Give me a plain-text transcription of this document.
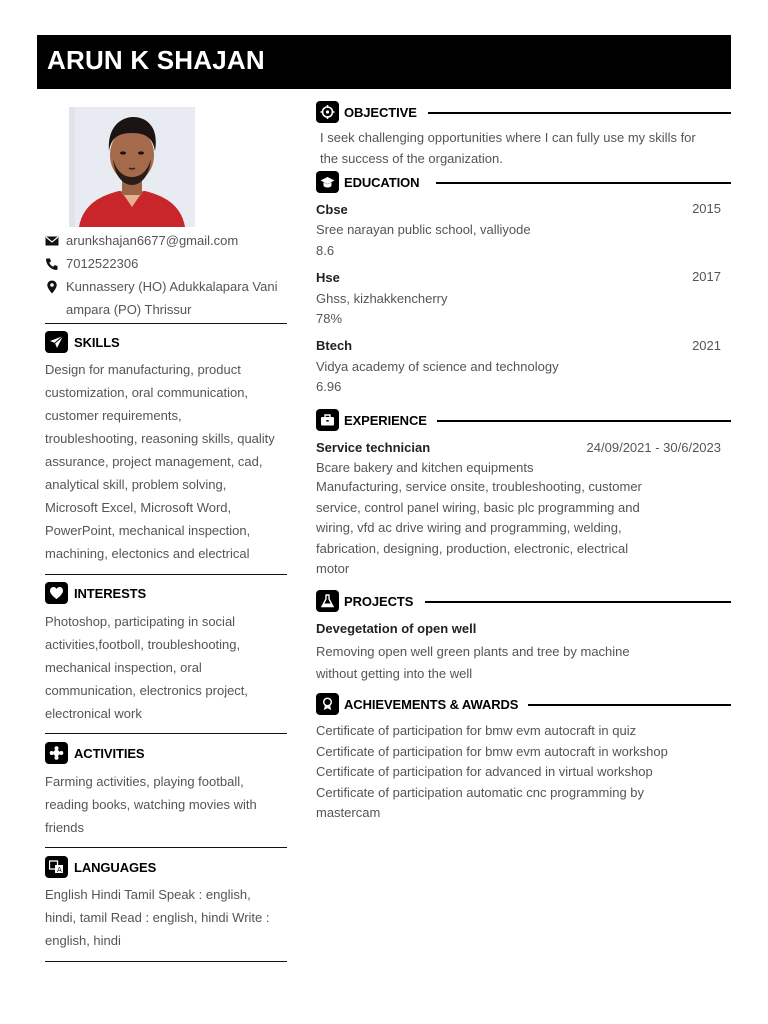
ARUN K SHAJAN
arunkshajan6677@gmail.com
7012522306
Kunnassery (HO) Adukkalapara Vani
ampara (PO) Thrissur
SKILLS
Design for manufacturing, product
customization, oral communication,
customer requirements,
troubleshooting, reasoning skills, quality
assurance, project management, cad,
analytical skill, problem solving,
Microsoft Excel, Microsoft Word,
PowerPoint, mechanical inspection,
machining, electonics and electrical
INTERESTS
Photoshop, participating in social
activities,footboll, troubleshooting,
mechanical inspection, oral
communication, electronics project,
electronical work
ACTIVITIES
Farming activities, playing football,
reading books, watching movies with
friends
A LANGUAGES
English Hindi Tamil Speak : english,
hindi, tamil Read : english, hindi Write :
english, hindi
OBJECTIVE
I seek challenging opportunities where I can fully use my skills for
the success of the organization.
EDUCATION
Cbse	2015
Sree narayan public school, valliyode
8.6
Hse	2017
Ghss, kizhakkencherry
78%
Btech	2021
Vidya academy of science and technology
6.96
EXPERIENCE
Service technician	24/09/2021 - 30/6/2023
Bcare bakery and kitchen equipments
Manufacturing, service onsite, troubleshooting, customer
service, control panel wiring, basic plc programming and
wiring, vfd ac drive wiring and programming, welding,
fabrication, designing, production, electronic, electrical
motor
PROJECTS
Devegetation of open well
Removing open well green plants and tree by machine
without getting into the well
ACHIEVEMENTS & AWARDS
Certificate of participation for bmw evm autocraft in quiz
Certificate of participation for bmw evm autocraft in workshop
Certificate of participation for advanced in virtual workshop
Certificate of participation automatic cnc programming by
mastercam
